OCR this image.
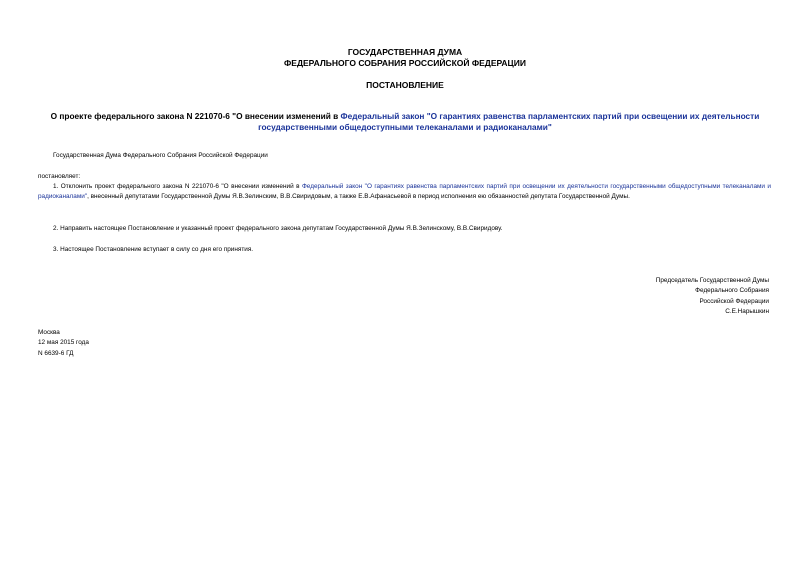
ГОСУДАРСТВЕННАЯ ДУМА
ФЕДЕРАЛЬНОГО СОБРАНИЯ РОССИЙСКОЙ ФЕДЕРАЦИИ
ПОСТАНОВЛЕНИЕ
О проекте федерального закона N 221070-6 "О внесении изменений в Федеральный закон "О гарантиях равенства парламентских партий при освещении их деятельности государственными общедоступными телеканалами и радиоканалами"
Государственная Дума Федерального Собрания Российской Федерации
постановляет:
1. Отклонить проект федерального закона N 221070-6 "О внесении изменений в Федеральный закон "О гарантиях равенства парламентских партий при освещении их деятельности государственными общедоступными телеканалами и радиоканалами", внесенный депутатами Государственной Думы Я.В.Зелинским, В.В.Свиридовым, а также Е.В.Афанасьевой в период исполнения ею обязанностей депутата Государственной Думы.
2. Направить настоящее Постановление и указанный проект федерального закона депутатам Государственной Думы Я.В.Зелинскому, В.В.Свиридову.
3. Настоящее Постановление вступает в силу со дня его принятия.
Председатель Государственной Думы
Федерального Собрания
Российской Федерации
С.Е.Нарышкин
Москва
12 мая 2015 года
N 6639-6 ГД
